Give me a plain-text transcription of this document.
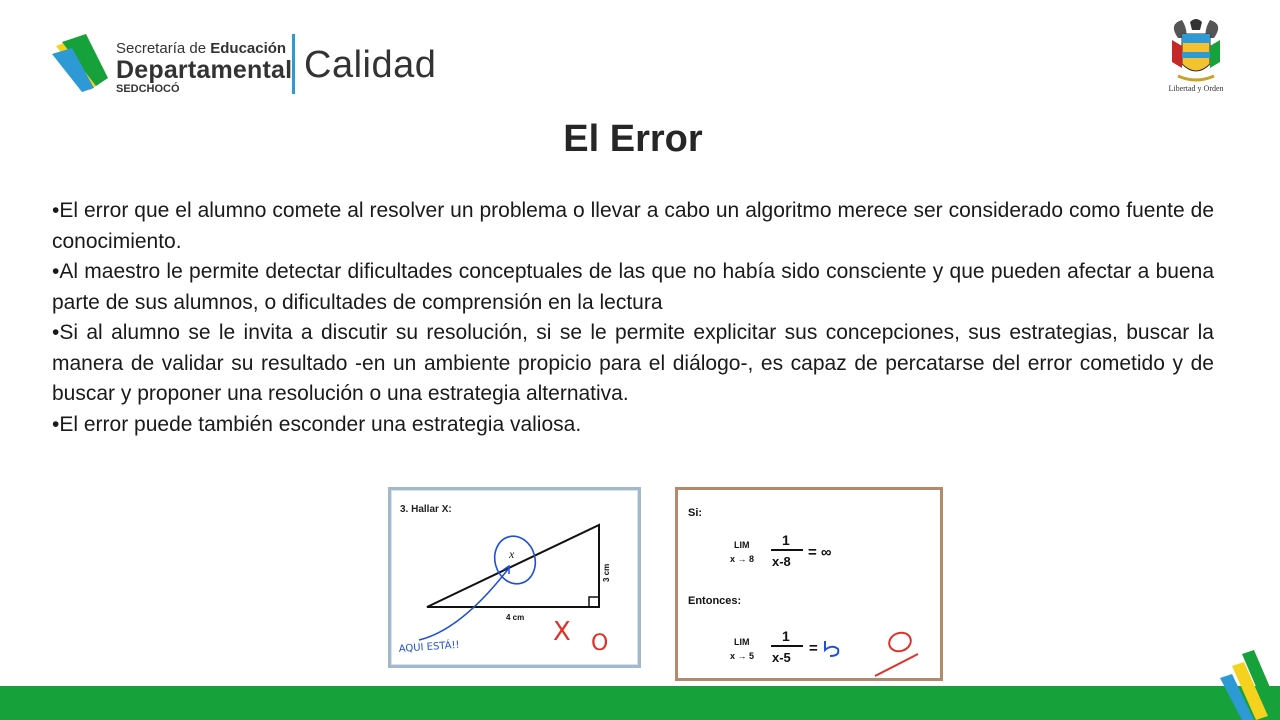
Secretaría de Educación
Departamental
SEDCHOCÓ
Calidad
Libertad y Orden
El Error

•El error que el alumno comete al resolver un problema o llevar a cabo un algoritmo merece ser considerado como fuente de conocimiento.

•Al maestro le permite detectar dificultades conceptuales de las que no había sido consciente y que pueden afectar a buena parte de sus alumnos, o dificultades de comprensión en la lectura

•Si al alumno se le invita a discutir su resolución, si se le permite explicitar sus concepciones, sus estrategias, buscar la manera de validar su resultado -en un ambiente propicio para el diálogo-, es capaz de percatarse del error cometido y de buscar y proponer una resolución o una estrategia alternativa.

•El error puede también esconder una estrategia valiosa.

3. Hallar X:
x
3 cm
4 cm
AQUI ESTÁ!!
X O
Si:
LIM
x → 8
1
x-8
= ∞
Entonces:
LIM
x → 5
1
x-5
=
